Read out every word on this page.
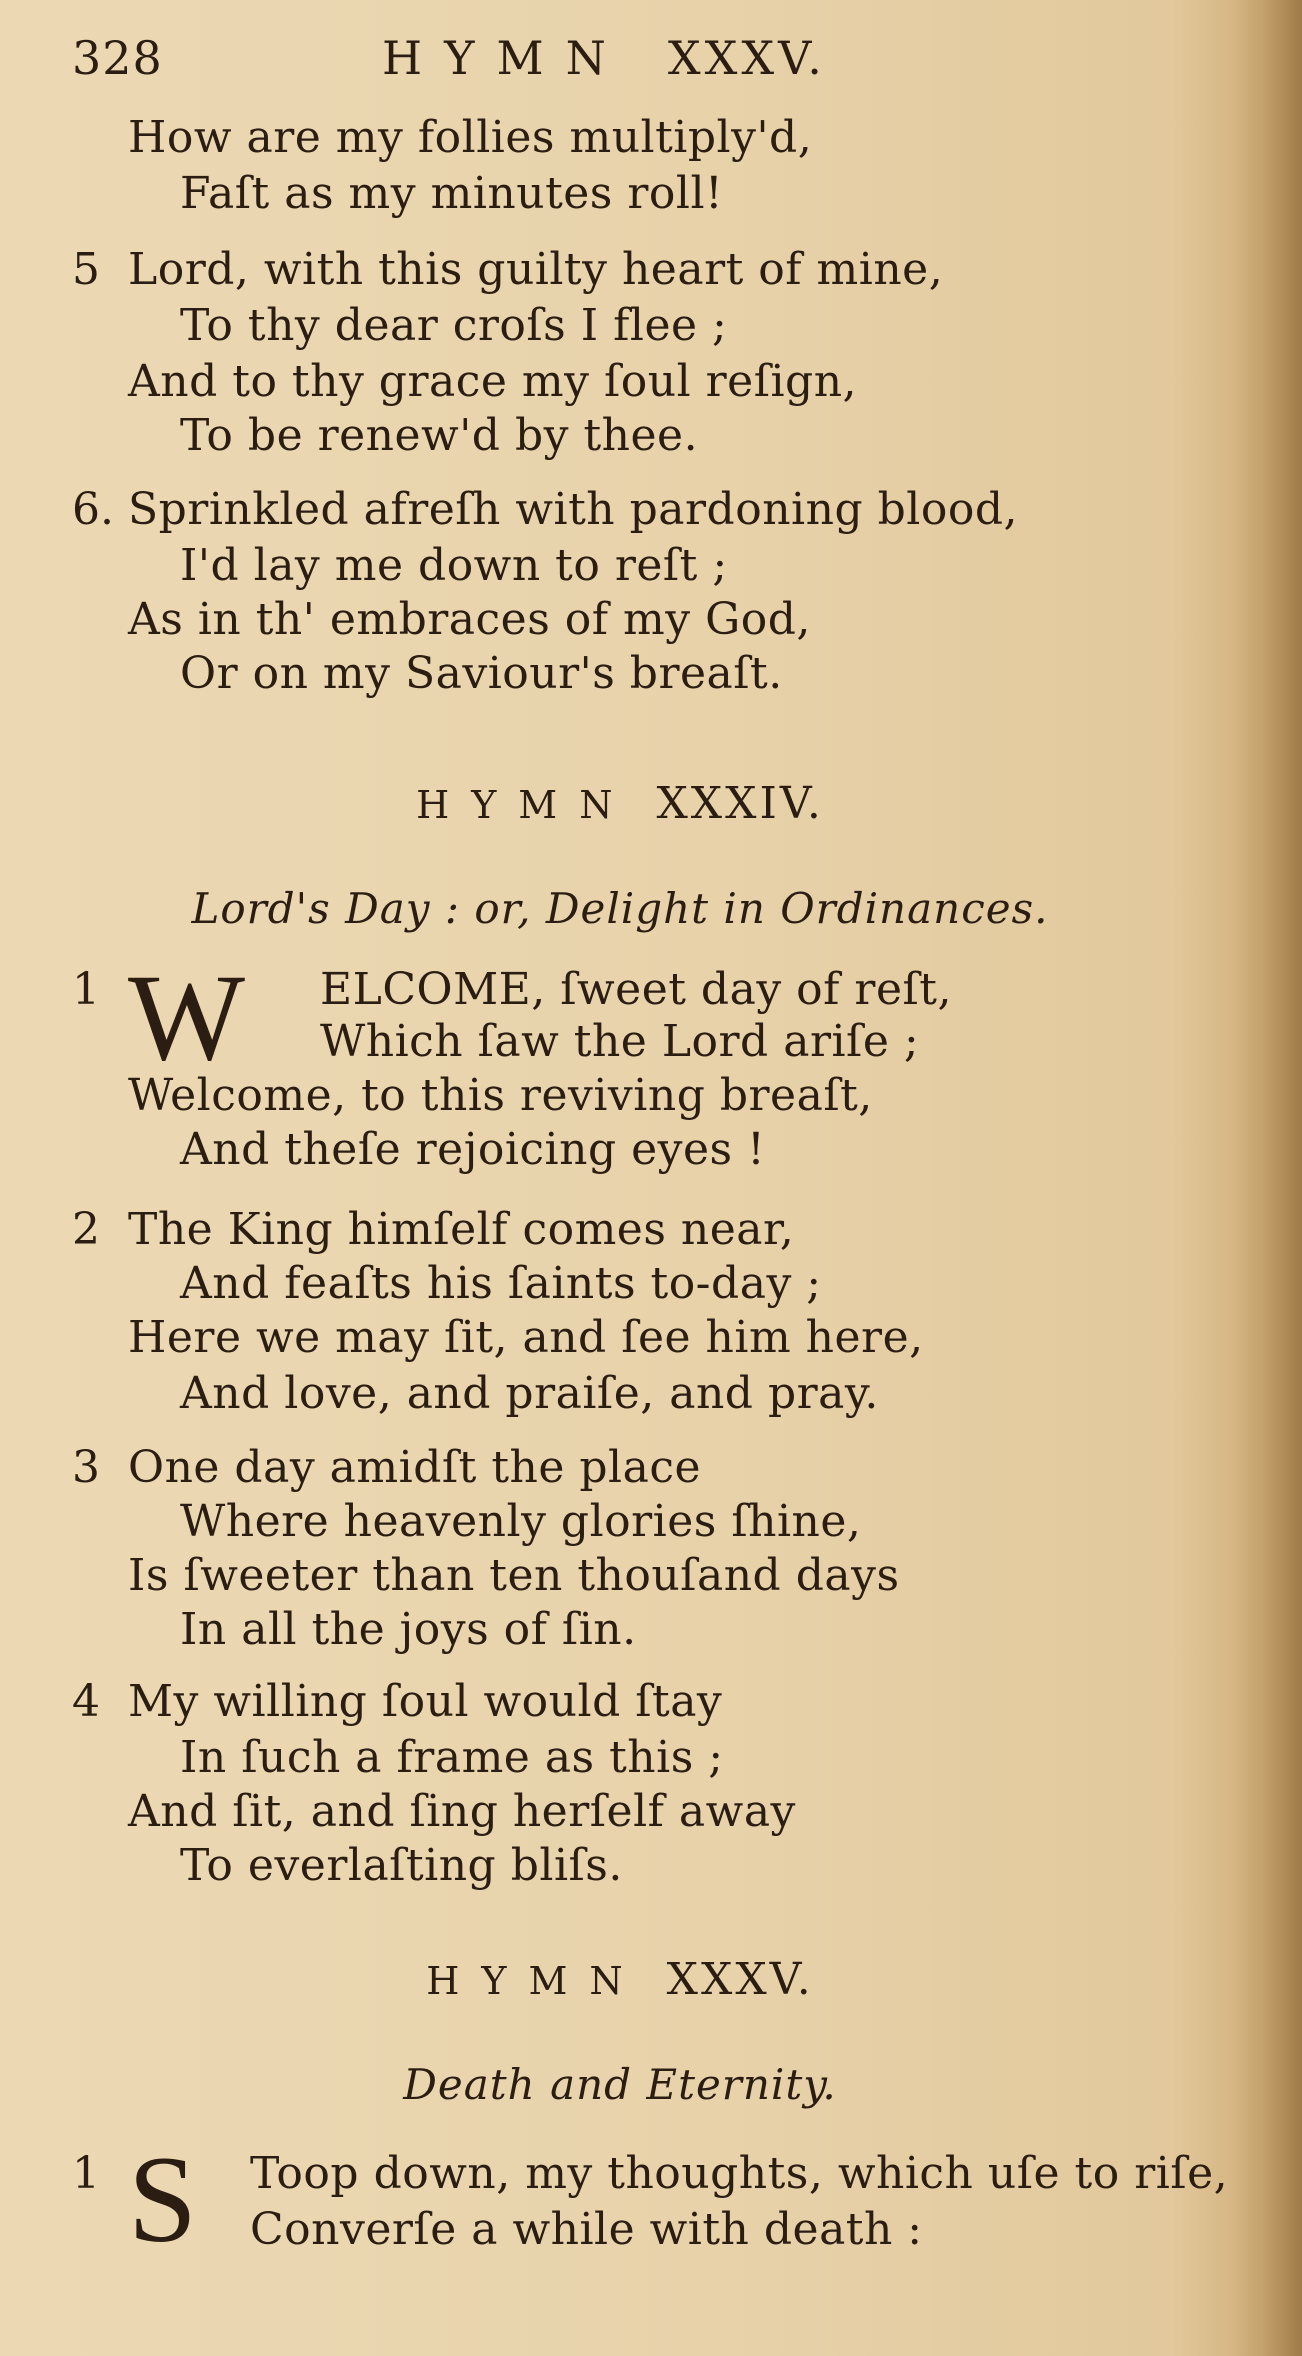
328	HYMN XXXV.
How are my follies multiply'd,
Faſt as my minutes roll!
5 Lord, with this guilty heart of mine,
To thy dear croſs I flee ;
And to thy grace my ſoul reſign,
To be renew'd by thee.
6. Sprinkled afreſh with pardoning blood,
I'd lay me down to reſt ;
As in th' embraces of my God,
Or on my Saviour's breaſt.
HYMN XXXIV.
Lord's Day : or, Delight in Ordinances.
1 W ELCOME, ſweet day of reſt,
Which ſaw the Lord ariſe ;
Welcome, to this reviving breaſt,
And theſe rejoicing eyes !
2 The King himſelf comes near,
And feaſts his ſaints to-day ;
Here we may ſit, and ſee him here,
And love, and praiſe, and pray.
3 One day amidſt the place
Where heavenly glories ſhine,
Is ſweeter than ten thouſand days
In all the joys of ſin.
4 My willing ſoul would ſtay
In ſuch a frame as this ;
And ſit, and ſing herſelf away
To everlaſting bliſs.
HYMN XXXV.
Death and Eternity.
1 S Toop down, my thoughts, which uſe to riſe,
Converſe a while with death :
